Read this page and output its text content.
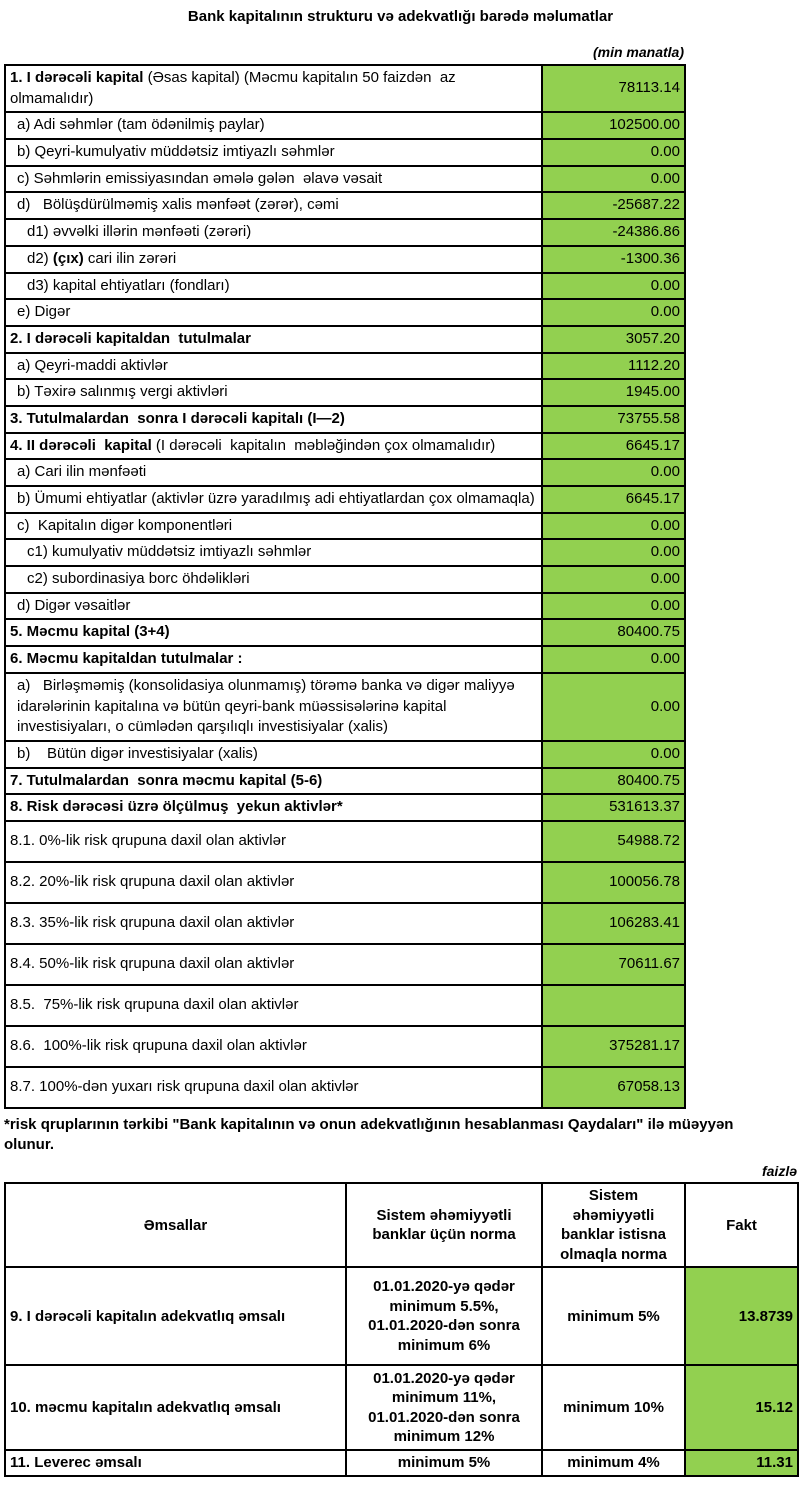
Bank kapitalının strukturu və adekvatlığı barədə məlumatlar
(min manatla)
1. I dərəcəli kapital (Əsas kapital) (Məcmu kapitalın 50 faizdən  az olmamalıdır)	78113.14
a) Adi səhmlər (tam ödənilmiş paylar)	102500.00
b) Qeyri-kumulyativ müddətsiz imtiyazlı səhmlər	0.00
c) Səhmlərin emissiyasından əmələ gələn  əlavə vəsait	0.00
d)   Bölüşdürülməmiş xalis mənfəət (zərər), cəmi	-25687.22
d1) əvvəlki illərin mənfəəti (zərəri)	-24386.86
d2) (çıx) cari ilin zərəri	-1300.36
d3) kapital ehtiyatları (fondları)	0.00
e) Digər	0.00
2. I dərəcəli kapitaldan  tutulmalar	3057.20
a) Qeyri-maddi aktivlər	1112.20
b) Təxirə salınmış vergi aktivləri	1945.00
3. Tutulmalardan  sonra I dərəcəli kapitalı (I—2)	73755.58
4. II dərəcəli  kapital (I dərəcəli  kapitalın  məbləğindən çox olmamalıdır)	6645.17
a) Cari ilin mənfəəti	0.00
b) Ümumi ehtiyatlar (aktivlər üzrə yaradılmış adi ehtiyatlardan çox olmamaqla)	6645.17
c)  Kapitalın digər komponentləri	0.00
c1) kumulyativ müddətsiz imtiyazlı səhmlər	0.00
c2) subordinasiya borc öhdəlikləri	0.00
d) Digər vəsaitlər	0.00
5. Məcmu kapital (3+4)	80400.75
6. Məcmu kapitaldan tutulmalar :	0.00
a)   Birləşməmiş (konsolidasiya olunmamış) törəmə banka və digər maliyyə idarələrinin kapitalına və bütün qeyri-bank müəssisələrinə kapital investisiyaları, o cümlədən qarşılıqlı investisiyalar (xalis)	0.00
b)    Bütün digər investisiyalar (xalis)	0.00
7. Tutulmalardan  sonra məcmu kapital (5-6)	80400.75
8. Risk dərəcəsi üzrə ölçülmuş  yekun aktivlər*	531613.37
8.1. 0%-lik risk qrupuna daxil olan aktivlər	54988.72
8.2. 20%-lik risk qrupuna daxil olan aktivlər	100056.78
8.3. 35%-lik risk qrupuna daxil olan aktivlər	106283.41
8.4. 50%-lik risk qrupuna daxil olan aktivlər	70611.67
8.5.  75%-lik risk qrupuna daxil olan aktivlər	
8.6.  100%-lik risk qrupuna daxil olan aktivlər	375281.17
8.7. 100%-dən yuxarı risk qrupuna daxil olan aktivlər	67058.13
*risk qruplarının tərkibi "Bank kapitalının və onun adekvatlığının hesablanması Qaydaları" ilə müəyyən olunur.
faizlə
Əmsallar	Sistem əhəmiyyətli banklar üçün norma	Sistem əhəmiyyətli banklar istisna olmaqla norma	Fakt
9. I dərəcəli kapitalın adekvatlıq əmsalı	01.01.2020-yə qədər minimum 5.5%, 01.01.2020-dən sonra minimum 6%	minimum 5%	13.8739
10. məcmu kapitalın adekvatlıq əmsalı	01.01.2020-yə qədər minimum 11%, 01.01.2020-dən sonra minimum 12%	minimum 10%	15.12
11. Leverec əmsalı	minimum 5%	minimum 4%	11.31
